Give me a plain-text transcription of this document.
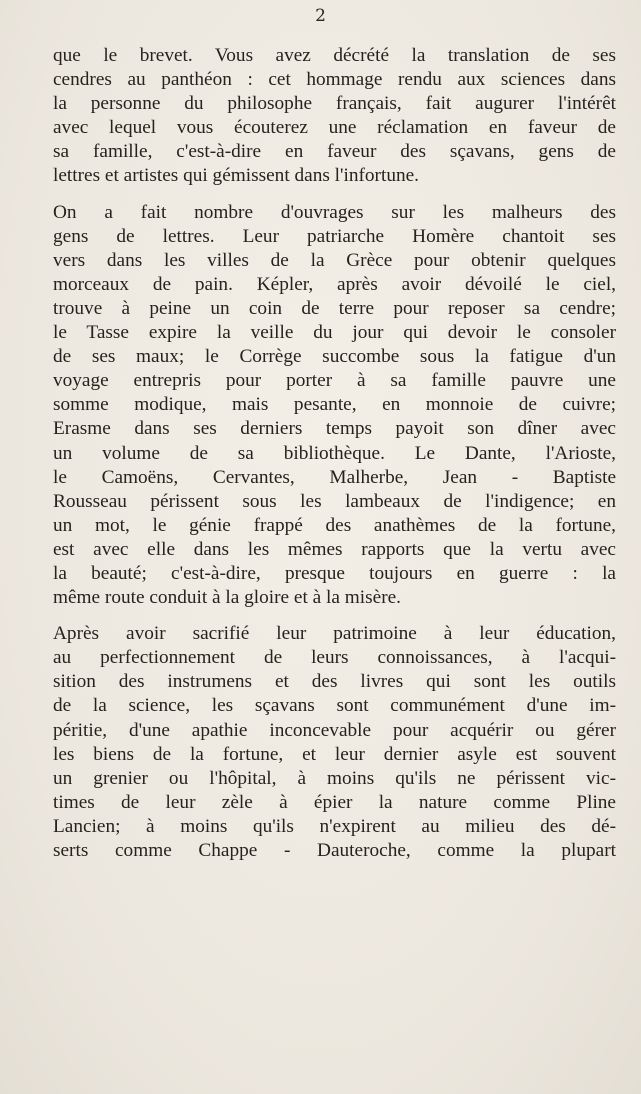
2

que le brevet. Vous avez décrété la translation de ses
cendres au panthéon : cet hommage rendu aux sciences dans
la personne du philosophe français, fait augurer l'intérêt
avec lequel vous écouterez une réclamation en faveur de
sa famille, c'est-à-dire en faveur des sçavans, gens de
lettres et artistes qui gémissent dans l'infortune.

On a fait nombre d'ouvrages sur les malheurs des
gens de lettres. Leur patriarche Homère chantoit ses
vers dans les villes de la Grèce pour obtenir quelques
morceaux de pain. Képler, après avoir dévoilé le ciel,
trouve à peine un coin de terre pour reposer sa cendre;
le Tasse expire la veille du jour qui devoir le consoler
de ses maux; le Corrège succombe sous la fatigue d'un
voyage entrepris pour porter à sa famille pauvre une
somme modique, mais pesante, en monnoie de cuivre;
Erasme dans ses derniers temps payoit son dîner avec
un volume de sa bibliothèque. Le Dante, l'Arioste,
le Camoëns, Cervantes, Malherbe, Jean - Baptiste
Rousseau périssent sous les lambeaux de l'indigence; en
un mot, le génie frappé des anathèmes de la fortune,
est avec elle dans les mêmes rapports que la vertu avec
la beauté; c'est-à-dire, presque toujours en guerre : la
même route conduit à la gloire et à la misère.

Après avoir sacrifié leur patrimoine à leur éducation,
au perfectionnement de leurs connoissances, à l'acqui-
sition des instrumens et des livres qui sont les outils
de la science, les sçavans sont communément d'une im-
péritie, d'une apathie inconcevable pour acquérir ou gérer
les biens de la fortune, et leur dernier asyle est souvent
un grenier ou l'hôpital, à moins qu'ils ne périssent vic-
times de leur zèle à épier la nature comme Pline
Lancien; à moins qu'ils n'expirent au milieu des dé-
serts comme Chappe - Dauteroche, comme la plupart
